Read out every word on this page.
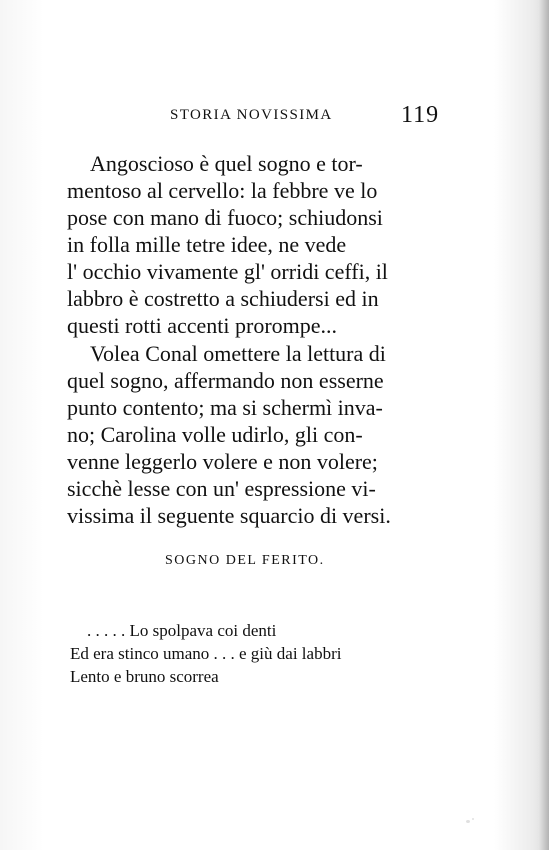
STORIA NOVISSIMA	119
Angoscioso è quel sogno e tor-
mentoso al cervello: la febbre ve lo
pose con mano di fuoco; schiudonsi
in folla mille tetre idee, ne vede
l' occhio vivamente gl' orridi ceffi, il
labbro è costretto a schiudersi ed in
questi rotti accenti prorompe...
Volea Conal omettere la lettura di
quel sogno, affermando non esserne
punto contento; ma si schermì inva-
no; Carolina volle udirlo, gli con-
venne leggerlo volere e non volere;
sicchè lesse con un' espressione vi-
vissima il seguente squarcio di versi.
SOGNO DEL FERITO.
. . . . . Lo spolpava coi denti
Ed era stinco umano . . . e giù dai labbri
Lento e bruno scorrea
